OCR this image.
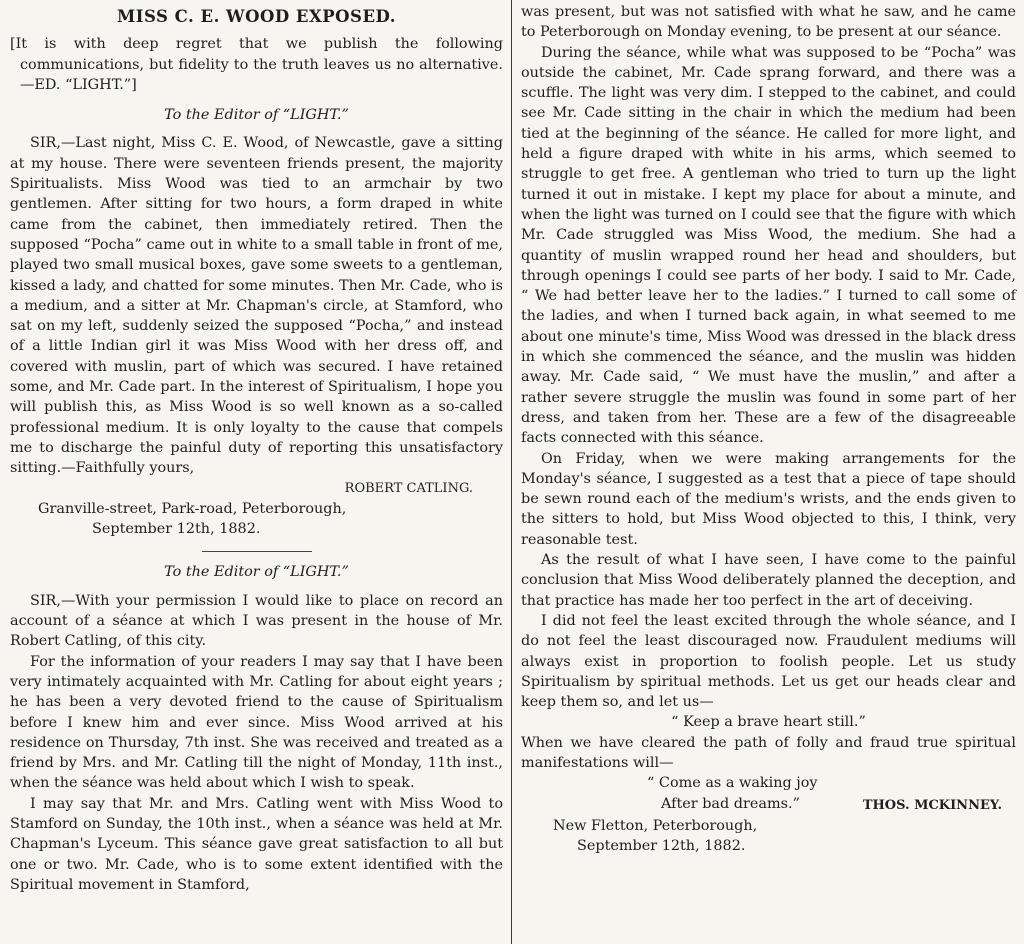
MISS C. E. WOOD EXPOSED.

[It is with deep regret that we publish the following communications, but fidelity to the truth leaves us no alternative.—ED. “LIGHT.”]

To the Editor of “LIGHT.”

SIR,—Last night, Miss C. E. Wood, of Newcastle, gave a sitting at my house. There were seventeen friends present, the majority Spiritualists. Miss Wood was tied to an armchair by two gentlemen. After sitting for two hours, a form draped in white came from the cabinet, then immediately retired. Then the supposed “Pocha” came out in white to a small table in front of me, played two small musical boxes, gave some sweets to a gentleman, kissed a lady, and chatted for some minutes. Then Mr. Cade, who is a medium, and a sitter at Mr. Chapman's circle, at Stamford, who sat on my left, suddenly seized the supposed “Pocha,” and instead of a little Indian girl it was Miss Wood with her dress off, and covered with muslin, part of which was secured. I have retained some, and Mr. Cade part. In the interest of Spiritualism, I hope you will publish this, as Miss Wood is so well known as a so-called professional medium. It is only loyalty to the cause that compels me to discharge the painful duty of reporting this unsatisfactory sitting.—Faithfully yours,

ROBERT CATLING.

Granville-street, Park-road, Peterborough,

September 12th, 1882.

To the Editor of “LIGHT.”

SIR,—With your permission I would like to place on record an account of a séance at which I was present in the house of Mr. Robert Catling, of this city.

For the information of your readers I may say that I have been very intimately acquainted with Mr. Catling for about eight years ; he has been a very devoted friend to the cause of Spiritualism before I knew him and ever since. Miss Wood arrived at his residence on Thursday, 7th inst. She was received and treated as a friend by Mrs. and Mr. Catling till the night of Monday, 11th inst., when the séance was held about which I wish to speak.

I may say that Mr. and Mrs. Catling went with Miss Wood to Stamford on Sunday, the 10th inst., when a séance was held at Mr. Chapman's Lyceum. This séance gave great satisfaction to all but one or two. Mr. Cade, who is to some extent identified with the Spiritual movement in Stamford,

was present, but was not satisfied with what he saw, and he came to Peterborough on Monday evening, to be present at our séance.

During the séance, while what was supposed to be “Pocha” was outside the cabinet, Mr. Cade sprang forward, and there was a scuffle. The light was very dim. I stepped to the cabinet, and could see Mr. Cade sitting in the chair in which the medium had been tied at the beginning of the séance. He called for more light, and held a figure draped with white in his arms, which seemed to struggle to get free. A gentleman who tried to turn up the light turned it out in mistake. I kept my place for about a minute, and when the light was turned on I could see that the figure with which Mr. Cade struggled was Miss Wood, the medium. She had a quantity of muslin wrapped round her head and shoulders, but through openings I could see parts of her body. I said to Mr. Cade, “ We had better leave her to the ladies.” I turned to call some of the ladies, and when I turned back again, in what seemed to me about one minute's time, Miss Wood was dressed in the black dress in which she commenced the séance, and the muslin was hidden away. Mr. Cade said, “ We must have the muslin,” and after a rather severe struggle the muslin was found in some part of her dress, and taken from her. These are a few of the disagreeable facts connected with this séance.

On Friday, when we were making arrangements for the Monday's séance, I suggested as a test that a piece of tape should be sewn round each of the medium's wrists, and the ends given to the sitters to hold, but Miss Wood objected to this, I think, very reasonable test.

As the result of what I have seen, I have come to the painful conclusion that Miss Wood deliberately planned the deception, and that practice has made her too perfect in the art of deceiving.

I did not feel the least excited through the whole séance, and I do not feel the least discouraged now. Fraudulent mediums will always exist in proportion to foolish people. Let us study Spiritualism by spiritual methods. Let us get our heads clear and keep them so, and let us—

“ Keep a brave heart still.”

When we have cleared the path of folly and fraud true spiritual manifestations will—

“ Come as a waking joy

After bad dreams.”	THOS. MCKINNEY.

New Fletton, Peterborough,

September 12th, 1882.
